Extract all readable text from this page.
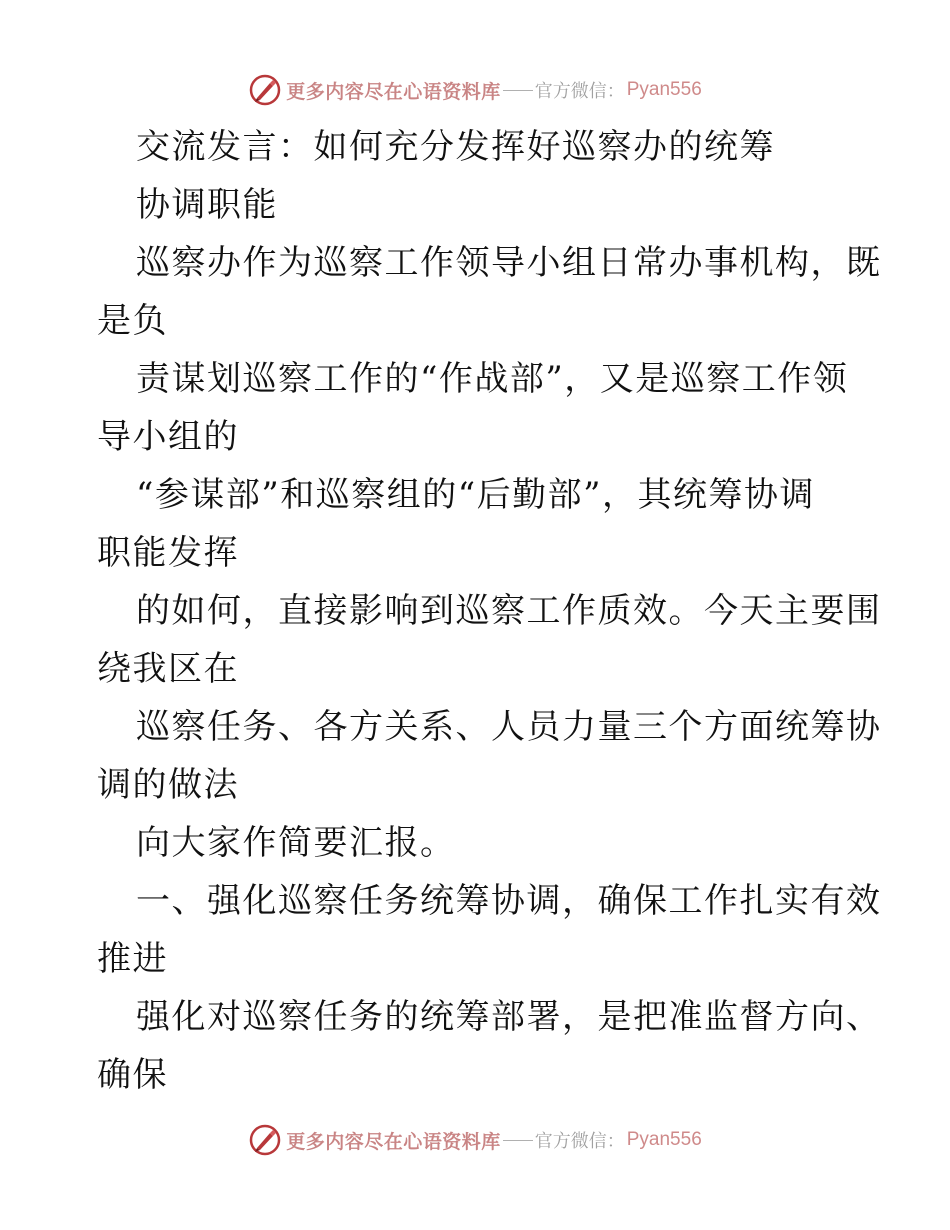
更多内容尽在心语资料库 官方微信： Pyan556
交流发言：如何充分发挥好巡察办的统筹
协调职能
巡察办作为巡察工作领导小组日常办事机构，既
是负
责谋划巡察工作的“作战部”，又是巡察工作领
导小组的
“参谋部”和巡察组的“后勤部”，其统筹协调
职能发挥
的如何，直接影响到巡察工作质效。今天主要围
绕我区在
巡察任务、各方关系、人员力量三个方面统筹协
调的做法
向大家作简要汇报。
一、强化巡察任务统筹协调，确保工作扎实有效
推进
强化对巡察任务的统筹部署，是把准监督方向、
确保
更多内容尽在心语资料库 官方微信： Pyan556
